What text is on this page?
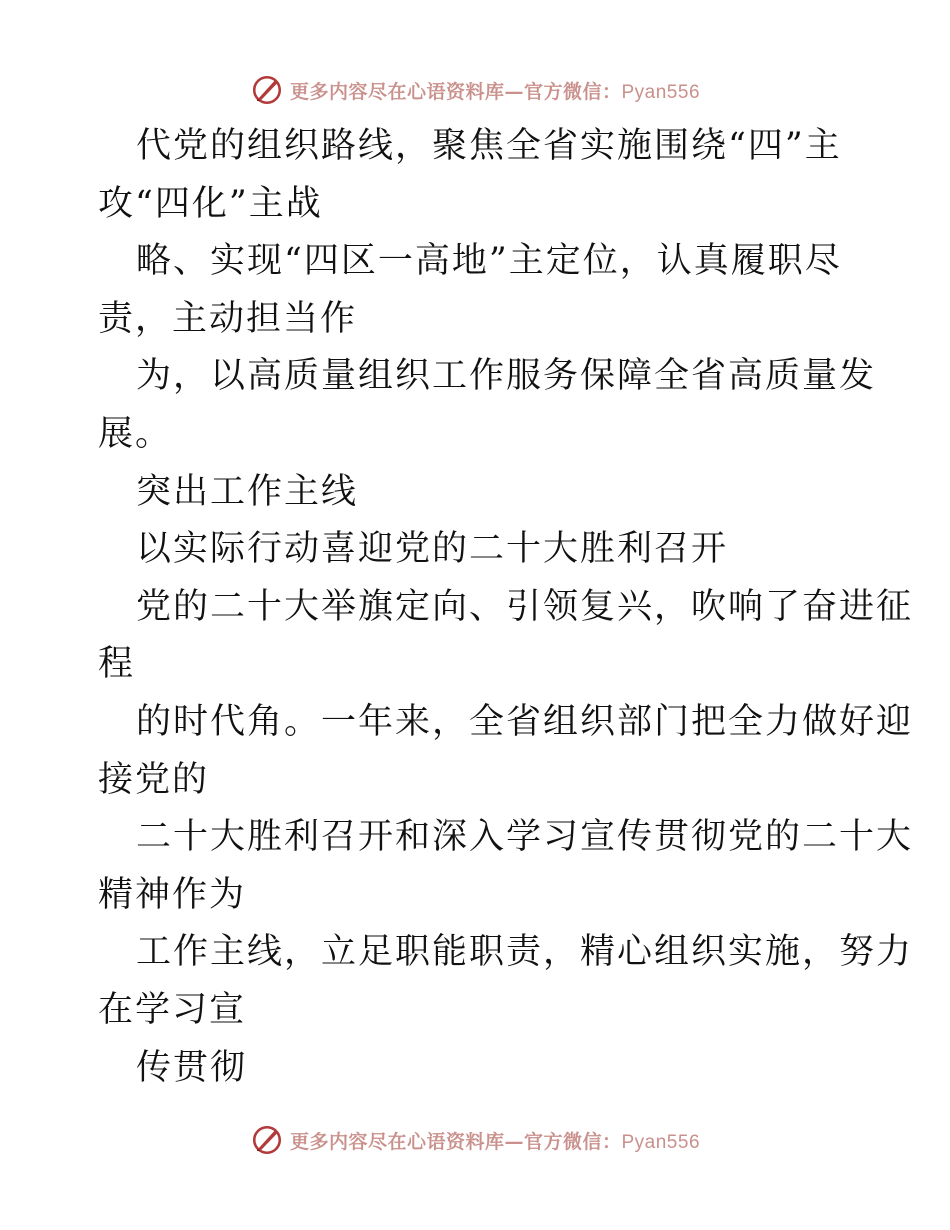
更多内容尽在心语资料库—官方微信：Pyan556
代党的组织路线，聚焦全省实施围绕“四”主
攻“四化”主战
略、实现“四区一高地”主定位，认真履职尽
责，主动担当作
为，以高质量组织工作服务保障全省高质量发
展。
突出工作主线
以实际行动喜迎党的二十大胜利召开
党的二十大举旗定向、引领复兴，吹响了奋进征
程
的时代角。一年来，全省组织部门把全力做好迎
接党的
二十大胜利召开和深入学习宣传贯彻党的二十大
精神作为
工作主线，立足职能职责，精心组织实施，努力
在学习宣
传贯彻
更多内容尽在心语资料库—官方微信：Pyan556
